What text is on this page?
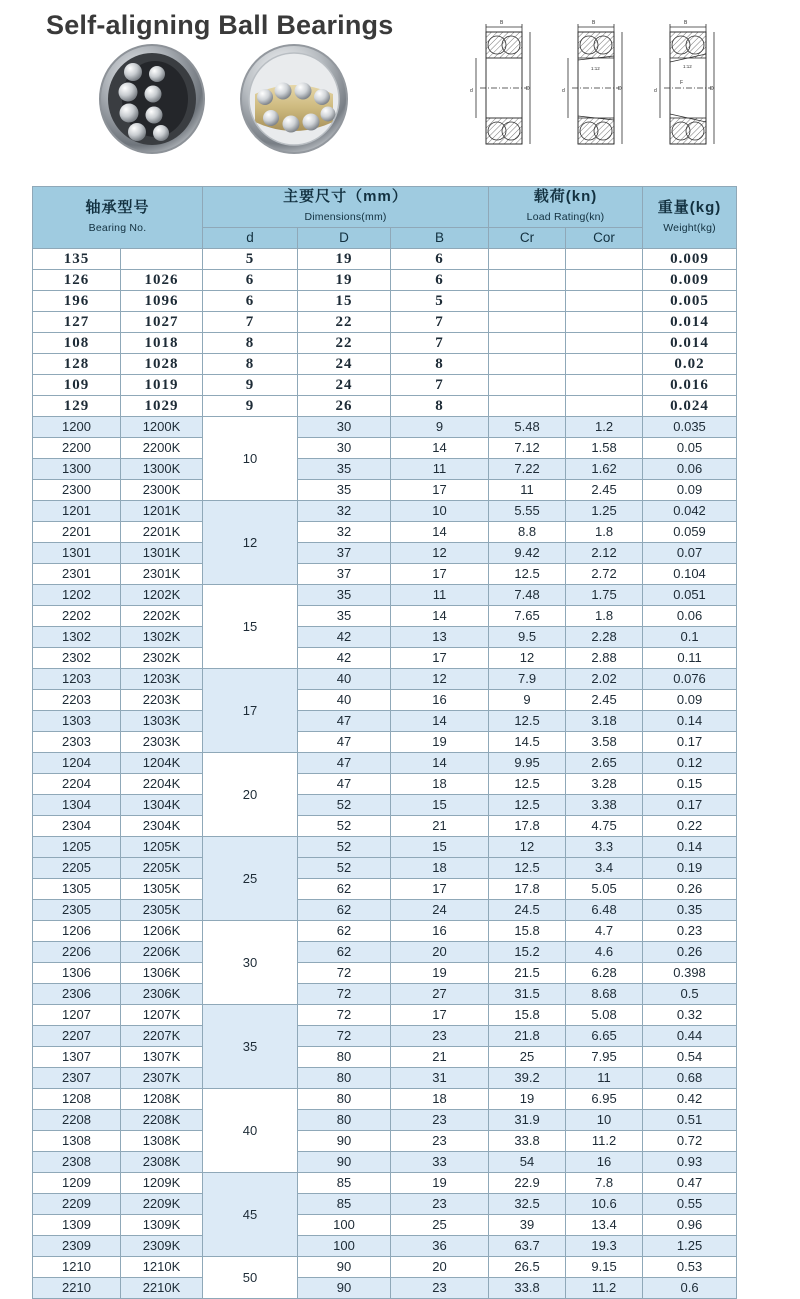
Self-aligning Ball Bearings	B
d	D
B
d	D
1:12
B
d	D
1:12
F
轴承型号
Bearing No.

主要尺寸（mm）
Dimensions(mm)

载荷(kn)
Load Rating(kn)

重量(kg)
Weight(kg)

		d	D	B	Cr	Cor	
135		5	19	6			0.009
126	1026	6	19	6			0.009
196	1096	6	15	5			0.005
127	1027	7	22	7			0.014
108	1018	8	22	7			0.014
128	1028	8	24	8			0.02
109	1019	9	24	7			0.016
129	1029	9	26	8			0.024
1200	1200K	10	30	9	5.48	1.2	0.035
2200	2200K		30	14	7.12	1.58	0.05
1300	1300K		35	11	7.22	1.62	0.06
2300	2300K		35	17	11	2.45	0.09
1201	1201K	12	32	10	5.55	1.25	0.042
2201	2201K		32	14	8.8	1.8	0.059
1301	1301K		37	12	9.42	2.12	0.07
2301	2301K		37	17	12.5	2.72	0.104
1202	1202K	15	35	11	7.48	1.75	0.051
2202	2202K		35	14	7.65	1.8	0.06
1302	1302K		42	13	9.5	2.28	0.1
2302	2302K		42	17	12	2.88	0.11
1203	1203K	17	40	12	7.9	2.02	0.076
2203	2203K		40	16	9	2.45	0.09
1303	1303K		47	14	12.5	3.18	0.14
2303	2303K		47	19	14.5	3.58	0.17
1204	1204K	20	47	14	9.95	2.65	0.12
2204	2204K		47	18	12.5	3.28	0.15
1304	1304K		52	15	12.5	3.38	0.17
2304	2304K		52	21	17.8	4.75	0.22
1205	1205K	25	52	15	12	3.3	0.14
2205	2205K		52	18	12.5	3.4	0.19
1305	1305K		62	17	17.8	5.05	0.26
2305	2305K		62	24	24.5	6.48	0.35
1206	1206K	30	62	16	15.8	4.7	0.23
2206	2206K		62	20	15.2	4.6	0.26
1306	1306K		72	19	21.5	6.28	0.398
2306	2306K		72	27	31.5	8.68	0.5
1207	1207K	35	72	17	15.8	5.08	0.32
2207	2207K		72	23	21.8	6.65	0.44
1307	1307K		80	21	25	7.95	0.54
2307	2307K		80	31	39.2	11	0.68
1208	1208K	40	80	18	19	6.95	0.42
2208	2208K		80	23	31.9	10	0.51
1308	1308K		90	23	33.8	11.2	0.72
2308	2308K		90	33	54	16	0.93
1209	1209K	45	85	19	22.9	7.8	0.47
2209	2209K		85	23	32.5	10.6	0.55
1309	1309K		100	25	39	13.4	0.96
2309	2309K		100	36	63.7	19.3	1.25
1210	1210K	50	90	20	26.5	9.15	0.53
2210	2210K		90	23	33.8	11.2	0.6
